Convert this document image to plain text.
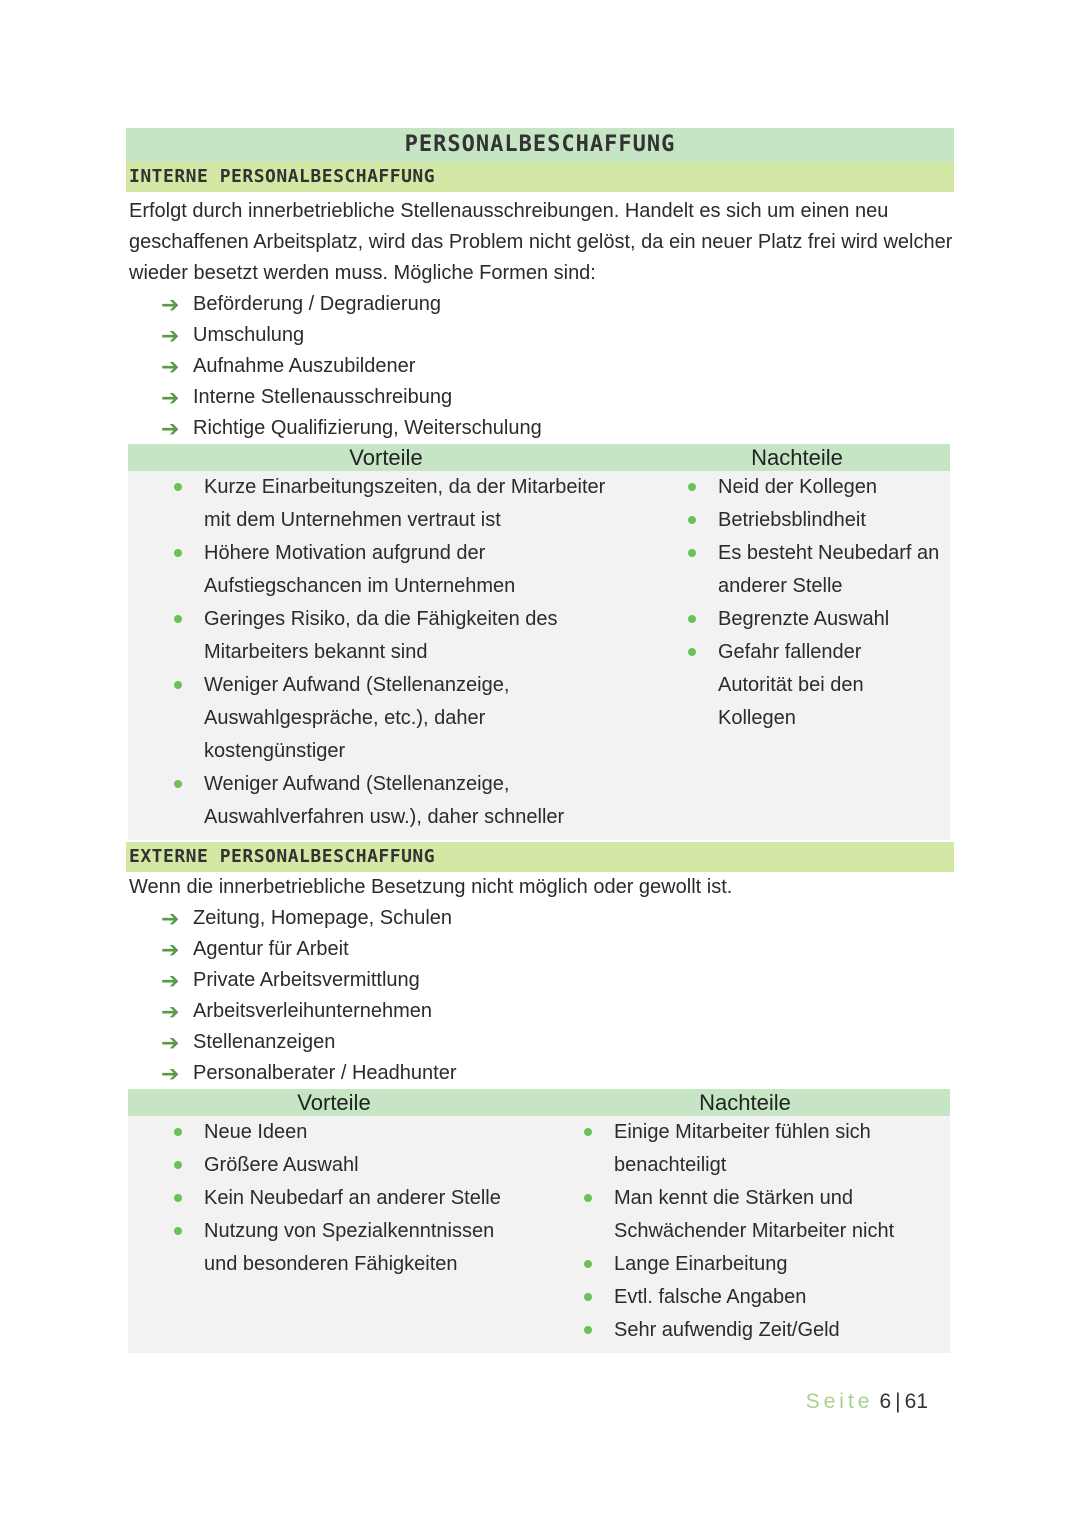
PERSONALBESCHAFFUNG
INTERNE PERSONALBESCHAFFUNG
Erfolgt durch innerbetriebliche Stellenausschreibungen. Handelt es sich um einen neu geschaffenen Arbeitsplatz, wird das Problem nicht gelöst, da ein neuer Platz frei wird welcher wieder besetzt werden muss. Mögliche Formen sind:
➔ Beförderung / Degradierung
➔ Umschulung
➔ Aufnahme Auszubildener
➔ Interne Stellenausschreibung
➔ Richtige Qualifizierung, Weiterschulung
Vorteile	Nachteile
Kurze Einarbeitungszeiten, da der Mitarbeiter mit dem Unternehmen vertraut ist
Höhere Motivation aufgrund der Aufstiegschancen im Unternehmen
Geringes Risiko, da die Fähigkeiten des Mitarbeiters bekannt sind
Weniger Aufwand (Stellenanzeige, Auswahlgespräche, etc.), daher kostengünstiger
Weniger Aufwand (Stellenanzeige, Auswahlverfahren usw.), daher schneller
Neid der Kollegen
Betriebsblindheit
Es besteht Neubedarf an anderer Stelle
Begrenzte Auswahl
Gefahr fallender Autorität bei den Kollegen
EXTERNE PERSONALBESCHAFFUNG
Wenn die innerbetriebliche Besetzung nicht möglich oder gewollt ist.
➔ Zeitung, Homepage, Schulen
➔ Agentur für Arbeit
➔ Private Arbeitsvermittlung
➔ Arbeitsverleihunternehmen
➔ Stellenanzeigen
➔ Personalberater / Headhunter
Vorteile	Nachteile
Neue Ideen
Größere Auswahl
Kein Neubedarf an anderer Stelle
Nutzung von Spezialkenntnissen und besonderen Fähigkeiten
Einige Mitarbeiter fühlen sich benachteiligt
Man kennt die Stärken und Schwächender Mitarbeiter nicht
Lange Einarbeitung
Evtl. falsche Angaben
Sehr aufwendig Zeit/Geld
Seite 6 | 61
